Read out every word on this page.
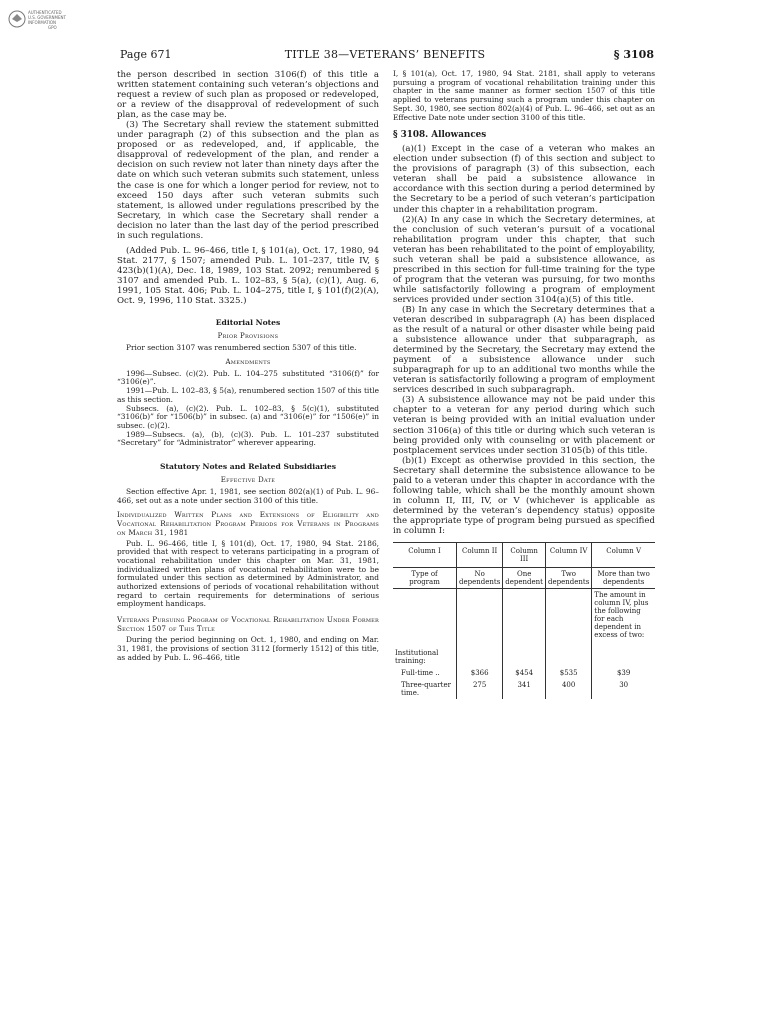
AUTHENTICATED
U.S. GOVERNMENT
INFORMATION
GPO
Page 671	TITLE 38—VETERANS’ BENEFITS	§ 3108

the person described in section 3106(f) of this title a written statement containing such veteran’s objections and request a review of such plan as proposed or redeveloped, or a review of the disapproval of redevelopment of such plan, as the case may be.

(3) The Secretary shall review the statement submitted under paragraph (2) of this subsection and the plan as proposed or as redeveloped, and, if applicable, the disapproval of redevelopment of the plan, and render a decision on such review not later than ninety days after the date on which such veteran submits such statement, unless the case is one for which a longer period for review, not to exceed 150 days after such veteran submits such statement, is allowed under regulations prescribed by the Secretary, in which case the Secretary shall render a decision no later than the last day of the period prescribed in such regulations.

(Added Pub. L. 96–466, title I, § 101(a), Oct. 17, 1980, 94 Stat. 2177, § 1507; amended Pub. L. 101–237, title IV, § 423(b)(1)(A), Dec. 18, 1989, 103 Stat. 2092; renumbered § 3107 and amended Pub. L. 102–83, § 5(a), (c)(1), Aug. 6, 1991, 105 Stat. 406; Pub. L. 104–275, title I, § 101(f)(2)(A), Oct. 9, 1996, 110 Stat. 3325.)

Editorial Notes
Prior Provisions

Prior section 3107 was renumbered section 5307 of this title.

Amendments

1996—Subsec. (c)(2). Pub. L. 104–275 substituted “3106(f)” for “3106(e)”.

1991—Pub. L. 102–83, § 5(a), renumbered section 1507 of this title as this section.

Subsecs. (a), (c)(2). Pub. L. 102–83, § 5(c)(1), substituted “3106(b)” for “1506(b)” in subsec. (a) and “3106(e)” for “1506(e)” in subsec. (c)(2).

1989—Subsecs. (a), (b), (c)(3). Pub. L. 101–237 substituted “Secretary” for “Administrator” wherever appearing.

Statutory Notes and Related Subsidiaries
Effective Date

Section effective Apr. 1, 1981, see section 802(a)(1) of Pub. L. 96–466, set out as a note under section 3100 of this title.

Individualized Written Plans and Extensions of Eligibility and Vocational Rehabilitation Program Periods for Veterans in Programs on March 31, 1981

Pub. L. 96–466, title I, § 101(d), Oct. 17, 1980, 94 Stat. 2186, provided that with respect to veterans participating in a program of vocational rehabilitation under this chapter on Mar. 31, 1981, individualized written plans of vocational rehabilitation were to be formulated under this section as determined by Administrator, and authorized extensions of periods of vocational rehabilitation without regard to certain requirements for determinations of serious employment handicaps.

Veterans Pursuing Program of Vocational Rehabilitation Under Former Section 1507 of This Title

During the period beginning on Oct. 1, 1980, and ending on Mar. 31, 1981, the provisions of section 3112 [formerly 1512] of this title, as added by Pub. L. 96–466, title

I, § 101(a), Oct. 17, 1980, 94 Stat. 2181, shall apply to veterans pursuing a program of vocational rehabilitation training under this chapter in the same manner as former section 1507 of this title applied to veterans pursuing such a program under this chapter on Sept. 30, 1980, see section 802(a)(4) of Pub. L. 96–466, set out as an Effective Date note under section 3100 of this title.

§ 3108. Allowances

(a)(1) Except in the case of a veteran who makes an election under subsection (f) of this section and subject to the provisions of paragraph (3) of this subsection, each veteran shall be paid a subsistence allowance in accordance with this section during a period determined by the Secretary to be a period of such veteran’s participation under this chapter in a rehabilitation program.

(2)(A) In any case in which the Secretary determines, at the conclusion of such veteran’s pursuit of a vocational rehabilitation program under this chapter, that such veteran has been rehabilitated to the point of employability, such veteran shall be paid a subsistence allowance, as prescribed in this section for full-time training for the type of program that the veteran was pursuing, for two months while satisfactorily following a program of employment services provided under section 3104(a)(5) of this title.

(B) In any case in which the Secretary determines that a veteran described in subparagraph (A) has been displaced as the result of a natural or other disaster while being paid a subsistence allowance under that subparagraph, as determined by the Secretary, the Secretary may extend the payment of a subsistence allowance under such subparagraph for up to an additional two months while the veteran is satisfactorily following a program of employment services described in such subparagraph.

(3) A subsistence allowance may not be paid under this chapter to a veteran for any period during which such veteran is being provided with an initial evaluation under section 3106(a) of this title or during which such veteran is being provided only with counseling or with placement or postplacement services under section 3105(b) of this title.

(b)(1) Except as otherwise provided in this section, the Secretary shall determine the subsistence allowance to be paid to a veteran under this chapter in accordance with the following table, which shall be the monthly amount shown in column II, III, IV, or V (whichever is applicable as determined by the veteran’s dependency status) opposite the appropriate type of program being pursued as specified in column I:

Column I	Column II	Column III	Column IV	Column V
Type of program	No dependents	One dependent	Two dependents	More than two dependents
				The amount in column IV, plus the following for each dependent in excess of two:
Institutional training:				
Full-time ..	$366	$454	$535	$39
Three-quarter time.	275	341	400	30
